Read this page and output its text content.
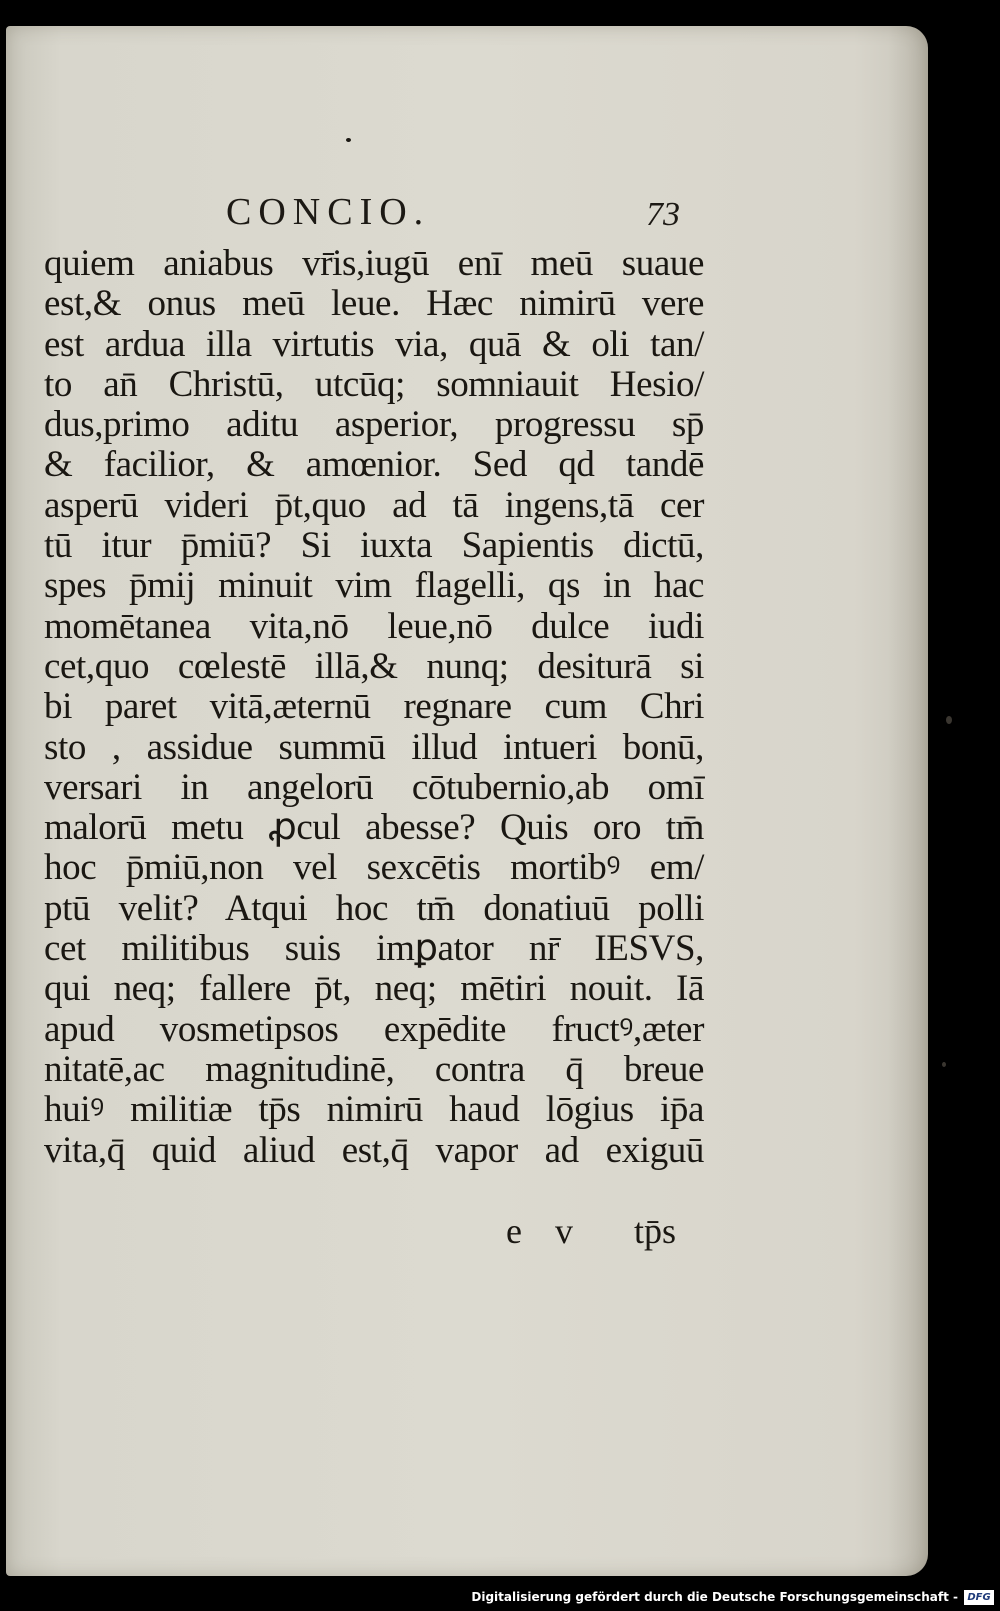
CONCIO.	73
quiem aniabus vr̄is,iugū enī meū suaue
est,& onus meū leue. Hæc nimirū vere
est ardua illa virtutis via, quā & oli tan/
to an̄ Christū, utcūq; somniauit Hesio/
dus,primo aditu asperior, progressu sp̄
& facilior, & amœnior. Sed qd tandē
asperū videri p̄t,quo ad tā ingens,tā cer
tū itur p̄miū? Si iuxta Sapientis dictū,
spes p̄mij minuit vim flagelli, qs in hac
momētanea vita,nō leue,nō dulce iudi
cet,quo cœlestē illā,& nunq; desiturā si
bi paret vitā,æternū regnare cum Chri
sto , assidue summū illud intueri bonū,
versari in angelorū cōtubernio,ab omī
malorū metu ꝓcul abesse? Quis oro tm̄
hoc p̄miū,non vel sexcētis mortibꝰ em/
ptū velit? Atqui hoc tm̄ donatiuū polli
cet militibus suis imꝑator nr̄ IESVS,
qui neq; fallere p̄t, neq; mētiri nouit. Iā
apud vosmetipsos expēdite fructꝰ,æter
nitatē,ac magnitudinē, contra q̄ breue
huiꝰ militiæ tp̄s nimirū haud lōgius ip̄a
vita,q̄ quid aliud est,q̄ vapor ad exiguū
e v tp̄s
Digitalisierung gefördert durch die Deutsche Forschungsgemeinschaft - DFG
